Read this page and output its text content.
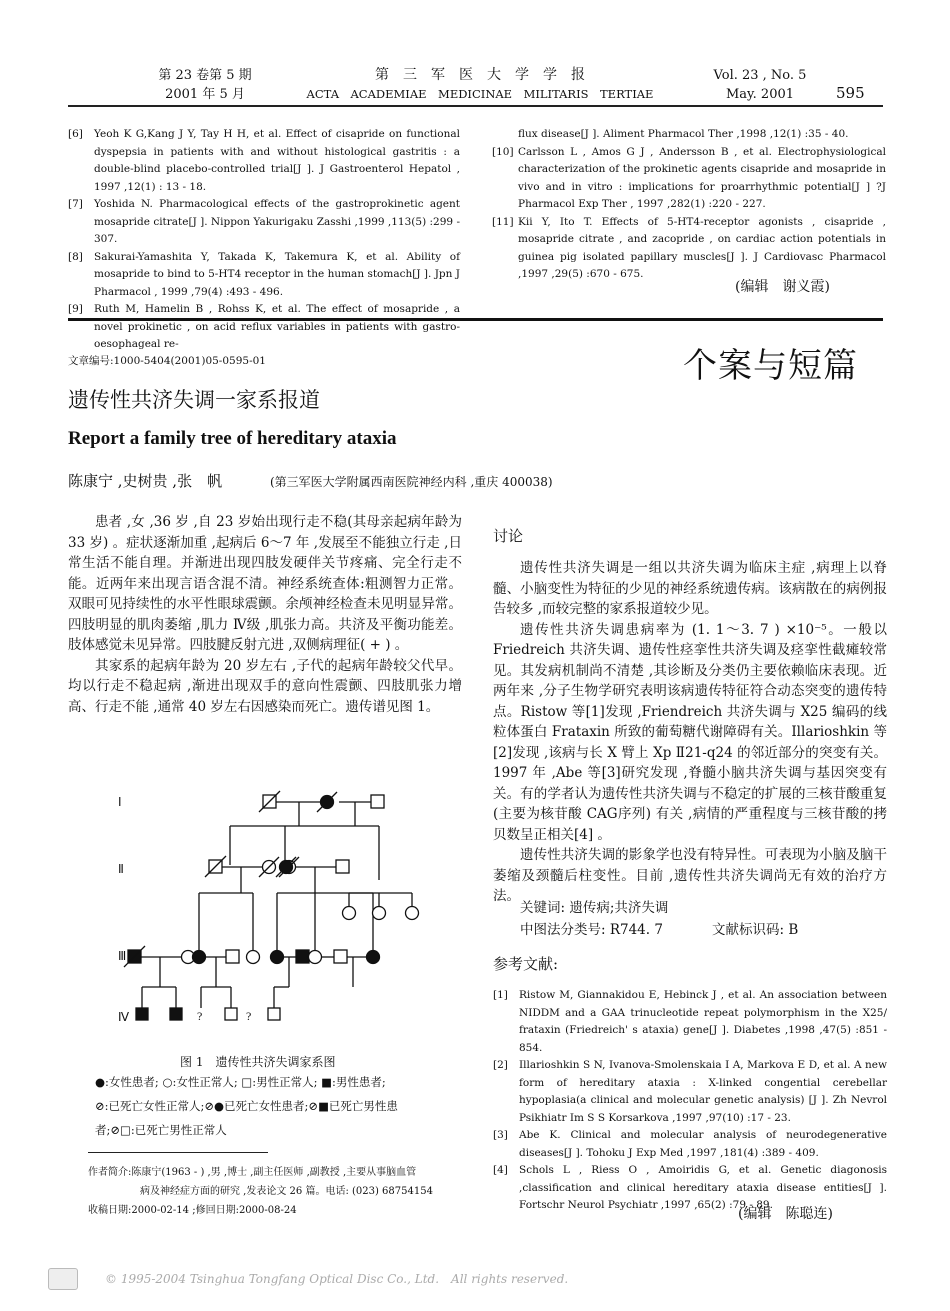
第 23 卷第 5 期
2001 年 5 月
第　三　军　医　大　学　学　报
ACTA　ACADEMIAE　MEDICINAE　MILITARIS　TERTIAE
Vol. 23 , No. 5
May. 2001	595
[6]	Yeoh K G,Kang J Y, Tay H H, et al. Effect of cisapride on functional dyspepsia in patients with and without histological gastritis : a double-blind placebo-controlled trial[J ]. J Gastroenterol Hepatol , 1997 ,12(1) : 13 - 18.
[7]	Yoshida N. Pharmacological effects of the gastroprokinetic agent mosapride citrate[J ]. Nippon Yakurigaku Zasshi ,1999 ,113(5) :299 - 307.
[8]	Sakurai-Yamashita Y, Takada K, Takemura K, et al. Ability of mosapride to bind to 5-HT4 receptor in the human stomach[J ]. Jpn J Pharmacol , 1999 ,79(4) :493 - 496.
[9]	Ruth M, Hamelin B , Rohss K, et al. The effect of mosapride , a novel prokinetic , on acid reflux variables in patients with gastro-oesophageal re-
flux disease[J ]. Aliment Pharmacol Ther ,1998 ,12(1) :35 - 40.
[10] Carlsson L , Amos G J , Andersson B , et al. Electrophysiological characterization of the prokinetic agents cisapride and mosapride in vivo and in vitro : implications for proarrhythmic potential[J ] ?J Pharmacol Exp Ther , 1997 ,282(1) :220 - 227.
[11] Kii Y, Ito T. Effects of 5-HT4-receptor agonists , cisapride , mosapride citrate , and zacopride , on cardiac action potentials in guinea pig isolated papillary muscles[J ]. J Cardiovasc Pharmacol ,1997 ,29(5) :670 - 675.
(编辑　谢义霞)
文章编号:1000-5404(2001)05-0595-01	个案与短篇
遗传性共济失调一家系报道
Report a family tree of hereditary ataxia
陈康宁 ,史树贵 ,张　帆	(第三军医大学附属西南医院神经内科 ,重庆 400038)

患者 ,女 ,36 岁 ,自 23 岁始出现行走不稳(其母亲起病年龄为 33 岁) 。症状逐渐加重 ,起病后 6～7 年 ,发展至不能独立行走 ,日常生活不能自理。并渐进出现四肢发硬伴关节疼痛、完全行走不能。近两年来出现言语含混不清。神经系统查体:粗测智力正常。双眼可见持续性的水平性眼球震颤。余颅神经检查未见明显异常。四肢明显的肌肉萎缩 ,肌力 Ⅳ级 ,肌张力高。共济及平衡功能差。肢体感觉未见异常。四肢腱反射亢进 ,双侧病理征( + ) 。

其家系的起病年龄为 20 岁左右 ,子代的起病年龄较父代早。均以行走不稳起病 ,渐进出现双手的意向性震颤、四肢肌张力增高、行走不能 ,通常 40 岁左右因感染而死亡。遗传谱见图 1。

Ⅰ
Ⅱ
Ⅲ
Ⅳ	?	?
图 1　遗传性共济失调家系图
●:女性患者; ○:女性正常人; □:男性正常人; ■:男性患者;
⊘:已死亡女性正常人;⊘●已死亡女性患者;⊘■已死亡男性患
者;⊘□:已死亡男性正常人
作者简介:陈康宁(1963 - ) ,男 ,博士 ,副主任医师 ,副教授 ,主要从事脑血管
病及神经症方面的研究 ,发表论文 26 篇。电话: (023) 68754154
收稿日期:2000-02-14 ;修回日期:2000-08-24
讨论

遗传性共济失调是一组以共济失调为临床主症 ,病理上以脊髓、小脑变性为特征的少见的神经系统遗传病。该病散在的病例报告较多 ,而较完整的家系报道较少见。

遗传性共济失调患病率为 (1. 1～3. 7 ) ×10⁻⁵。一般以 Friedreich 共济失调、遗传性痉挛性共济失调及痉挛性截瘫较常见。其发病机制尚不清楚 ,其诊断及分类仍主要依赖临床表现。近两年来 ,分子生物学研究表明该病遗传特征符合动态突变的遗传特点。Ristow 等[1]发现 ,Friendreich 共济失调与 X25 编码的线粒体蛋白 Frataxin 所致的葡萄糖代谢障碍有关。Illarioshkin 等[2]发现 ,该病与长 X 臂上 Xp Ⅱ21-q24 的邻近部分的突变有关。1997 年 ,Abe 等[3]研究发现 ,脊髓小脑共济失调与基因突变有关。有的学者认为遗传性共济失调与不稳定的扩展的三核苷酸重复(主要为核苷酸 CAG序列) 有关 ,病情的严重程度与三核苷酸的拷贝数呈正相关[4] 。

遗传性共济失调的影象学也没有特异性。可表现为小脑及脑干萎缩及颈髓后柱变性。目前 ,遗传性共济失调尚无有效的治疗方法。

关键词: 遗传病;共济失调
中图法分类号: R744. 7	文献标识码: B
参考文献:
[1]	Ristow M, Giannakidou E, Hebinck J , et al. An association between NIDDM and a GAA trinucleotide repeat polymorphism in the X25/ frataxin (Friedreich' s ataxia) gene[J ]. Diabetes ,1998 ,47(5) :851 - 854.
[2]	Illarioshkin S N, Ivanova-Smolenskaia I A, Markova E D, et al. A new form of hereditary ataxia : X-linked congential cerebellar hypoplasia(a clinical and molecular genetic analysis) [J ]. Zh Nevrol Psikhiatr Im S S Korsarkova ,1997 ,97(10) :17 - 23.
[3]	Abe K. Clinical and molecular analysis of neurodegenerative diseases[J ]. Tohoku J Exp Med ,1997 ,181(4) :389 - 409.
[4]	Schols L , Riess O , Amoiridis G, et al. Genetic diagonosis ,classification and clinical hereditary ataxia disease entities[J ]. Fortschr Neurol Psychiatr ,1997 ,65(2) :79 - 89.
(编辑　陈聪连)
© 1995-2004 Tsinghua Tongfang Optical Disc Co., Ltd.　All rights reserved.
